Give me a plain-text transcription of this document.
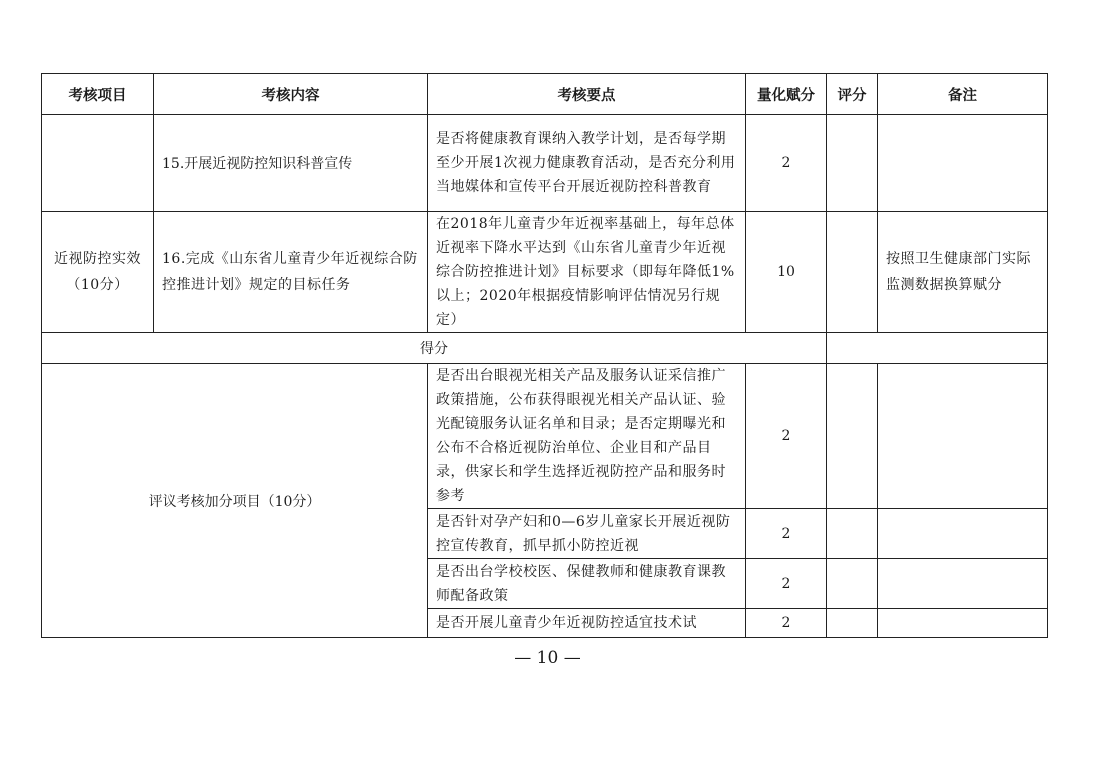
考核项目	考核内容	考核要点	量化赋分	评分	备注
	15.开展近视防控知识科普宣传	是否将健康教育课纳入教学计划，是否每学期至少开展1次视力健康教育活动，是否充分利用当地媒体和宣传平台开展近视防控科普教育	2		

近视防控实效
（10分）	16.完成《山东省儿童青少年近视综合防控推进计划》规定的目标任务	在2018年儿童青少年近视率基础上，每年总体近视率下降水平达到《山东省儿童青少年近视综合防控推进计划》目标要求（即每年降低1%以上；2020年根据疫情影响评估情况另行规定）	10		按照卫生健康部门实际监测数据换算赋分
得分					
评议考核加分项目（10分）		是否出台眼视光相关产品及服务认证采信推广政策措施，公布获得眼视光相关产品认证、验光配镜服务认证名单和目录；是否定期曝光和公布不合格近视防治单位、企业目和产品目录，供家长和学生选择近视防控产品和服务时参考	2		
		是否针对孕产妇和0—6岁儿童家长开展近视防控宣传教育，抓早抓小防控近视	2		
		是否出台学校校医、保健教师和健康教育课教师配备政策	2		
		是否开展儿童青少年近视防控适宜技术试	2		
— 10 —
